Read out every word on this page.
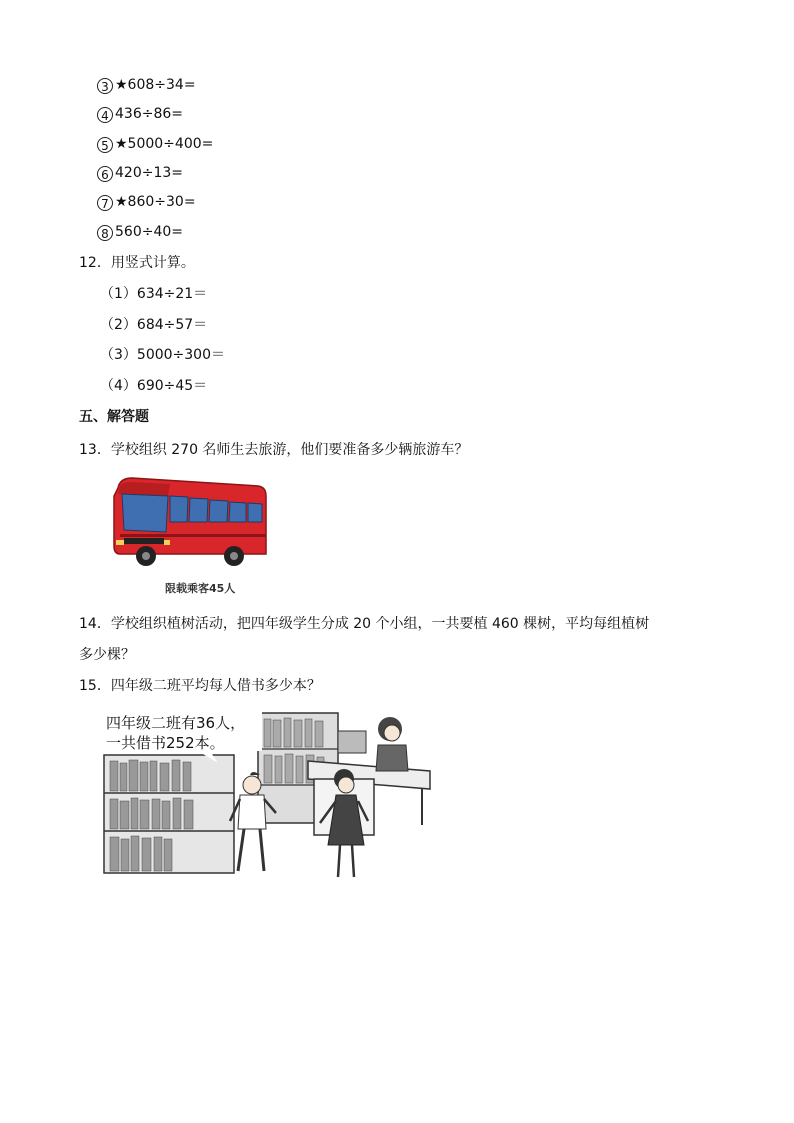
3 ★608÷34=
4 436÷86=
5 ★5000÷400=
6 420÷13=
7 ★860÷30=
8 560÷40=
12．用竖式计算。
（1）634÷21＝
（2）684÷57＝
（3）5000÷300＝
（4）690÷45＝
五、解答题
13．学校组织 270 名师生去旅游，他们要准备多少辆旅游车？
限载乘客45人
14．学校组织植树活动，把四年级学生分成 20 个小组，一共要植 460 棵树，平均每组植树
多少棵？
15．四年级二班平均每人借书多少本？
四年级二班有36人，
一共借书252本。
